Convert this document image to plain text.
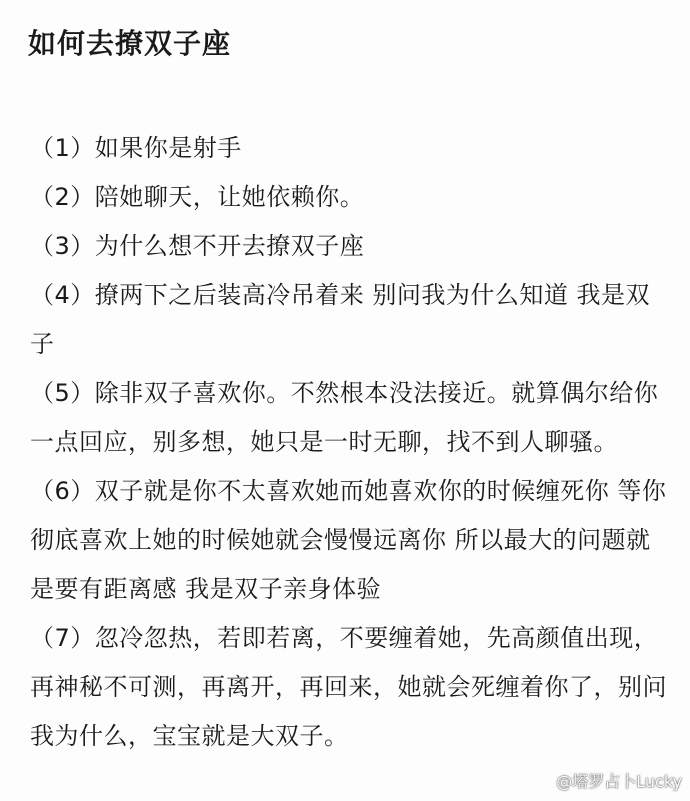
如何去撩双子座
（1）如果你是射手
（2）陪她聊天，让她依赖你。
（3）为什么想不开去撩双子座
（4）撩两下之后装高冷吊着来 别问我为什么知道 我是双子
（5）除非双子喜欢你。不然根本没法接近。就算偶尔给你一点回应，别多想，她只是一时无聊，找不到人聊骚。
（6）双子就是你不太喜欢她而她喜欢你的时候缠死你 等你彻底喜欢上她的时候她就会慢慢远离你 所以最大的问题就是要有距离感 我是双子亲身体验
（7）忽冷忽热，若即若离，不要缠着她，先高颜值出现，再神秘不可测，再离开，再回来，她就会死缠着你了，别问我为什么，宝宝就是大双子。
@塔罗占卜Lucky
